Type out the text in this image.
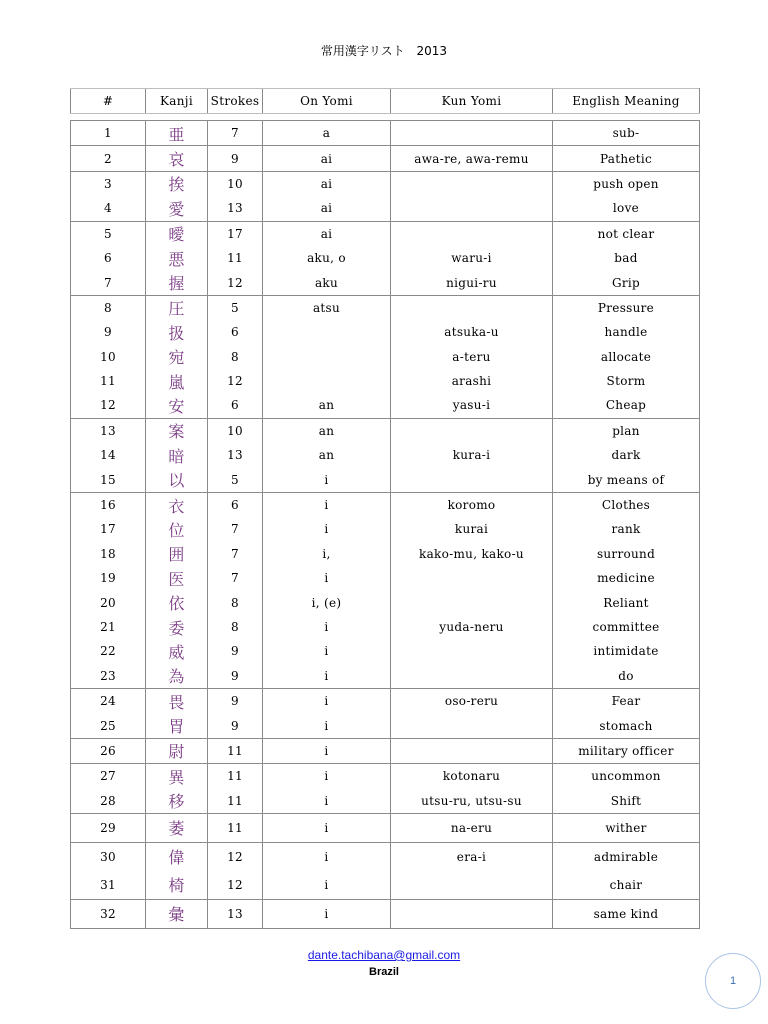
常用漢字リスト 2013
#	Kanji	Strokes	On Yomi	Kun Yomi	English Meaning
1	亜	7	a		sub-
2	哀	9	ai	awa-re, awa-remu	Pathetic
3	挨	10	ai		push open
4	愛	13	ai		love
5	曖	17	ai		not clear
6	悪	11	aku, o	waru-i	bad
7	握	12	aku	nigui-ru	Grip
8	圧	5	atsu		Pressure
9	扱	6		atsuka-u	handle
10	宛	8		a-teru	allocate
11	嵐	12		arashi	Storm
12	安	6	an	yasu-i	Cheap
13	案	10	an		plan
14	暗	13	an	kura-i	dark
15	以	5	i		by means of
16	衣	6	i	koromo	Clothes
17	位	7	i	kurai	rank
18	囲	7	i,	kako-mu, kako-u	surround
19	医	7	i		medicine
20	依	8	i, (e)		Reliant
21	委	8	i	yuda-neru	committee
22	威	9	i		intimidate
23	為	9	i		do
24	畏	9	i	oso-reru	Fear
25	胃	9	i		stomach
26	尉	11	i		military officer
27	異	11	i	kotonaru	uncommon
28	移	11	i	utsu-ru, utsu-su	Shift
29	萎	11	i	na-eru	wither
30	偉	12	i	era-i	admirable
31	椅	12	i		chair
32	彙	13	i		same kind
dante.tachibana@gmail.com
Brazil
1
